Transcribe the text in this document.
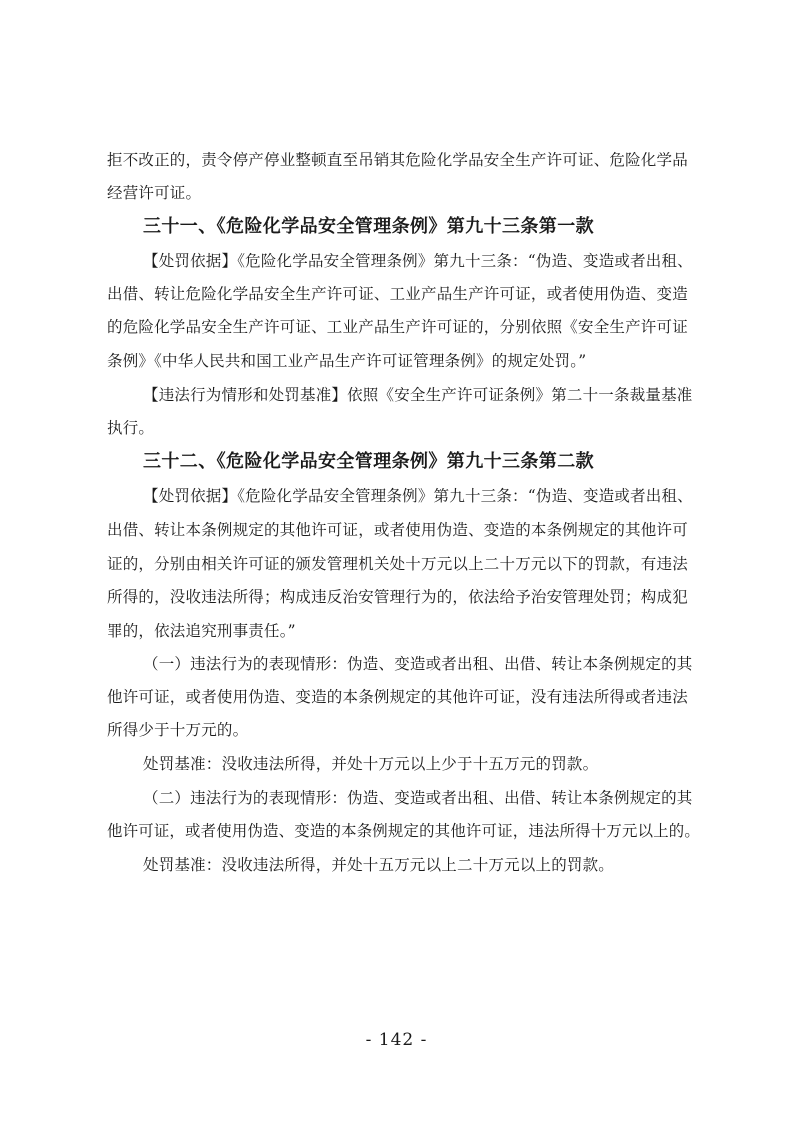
拒不改正的，责令停产停业整顿直至吊销其危险化学品安全生产许可证、危险化学品
经营许可证。
三十一、《危险化学品安全管理条例》第九十三条第一款
【处罚依据】《危险化学品安全管理条例》第九十三条：“伪造、变造或者出租、
出借、转让危险化学品安全生产许可证、工业产品生产许可证，或者使用伪造、变造
的危险化学品安全生产许可证、工业产品生产许可证的，分别依照《安全生产许可证
条例》《中华人民共和国工业产品生产许可证管理条例》的规定处罚。”
【违法行为情形和处罚基准】依照《安全生产许可证条例》第二十一条裁量基准
执行。
三十二、《危险化学品安全管理条例》第九十三条第二款
【处罚依据】《危险化学品安全管理条例》第九十三条：“伪造、变造或者出租、
出借、转让本条例规定的其他许可证，或者使用伪造、变造的本条例规定的其他许可
证的，分别由相关许可证的颁发管理机关处十万元以上二十万元以下的罚款，有违法
所得的，没收违法所得；构成违反治安管理行为的，依法给予治安管理处罚；构成犯
罪的，依法追究刑事责任。”
（一）违法行为的表现情形：伪造、变造或者出租、出借、转让本条例规定的其
他许可证，或者使用伪造、变造的本条例规定的其他许可证，没有违法所得或者违法
所得少于十万元的。
处罚基准：没收违法所得，并处十万元以上少于十五万元的罚款。
（二）违法行为的表现情形：伪造、变造或者出租、出借、转让本条例规定的其
他许可证，或者使用伪造、变造的本条例规定的其他许可证，违法所得十万元以上的。
处罚基准：没收违法所得，并处十五万元以上二十万元以上的罚款。
- 142 -
